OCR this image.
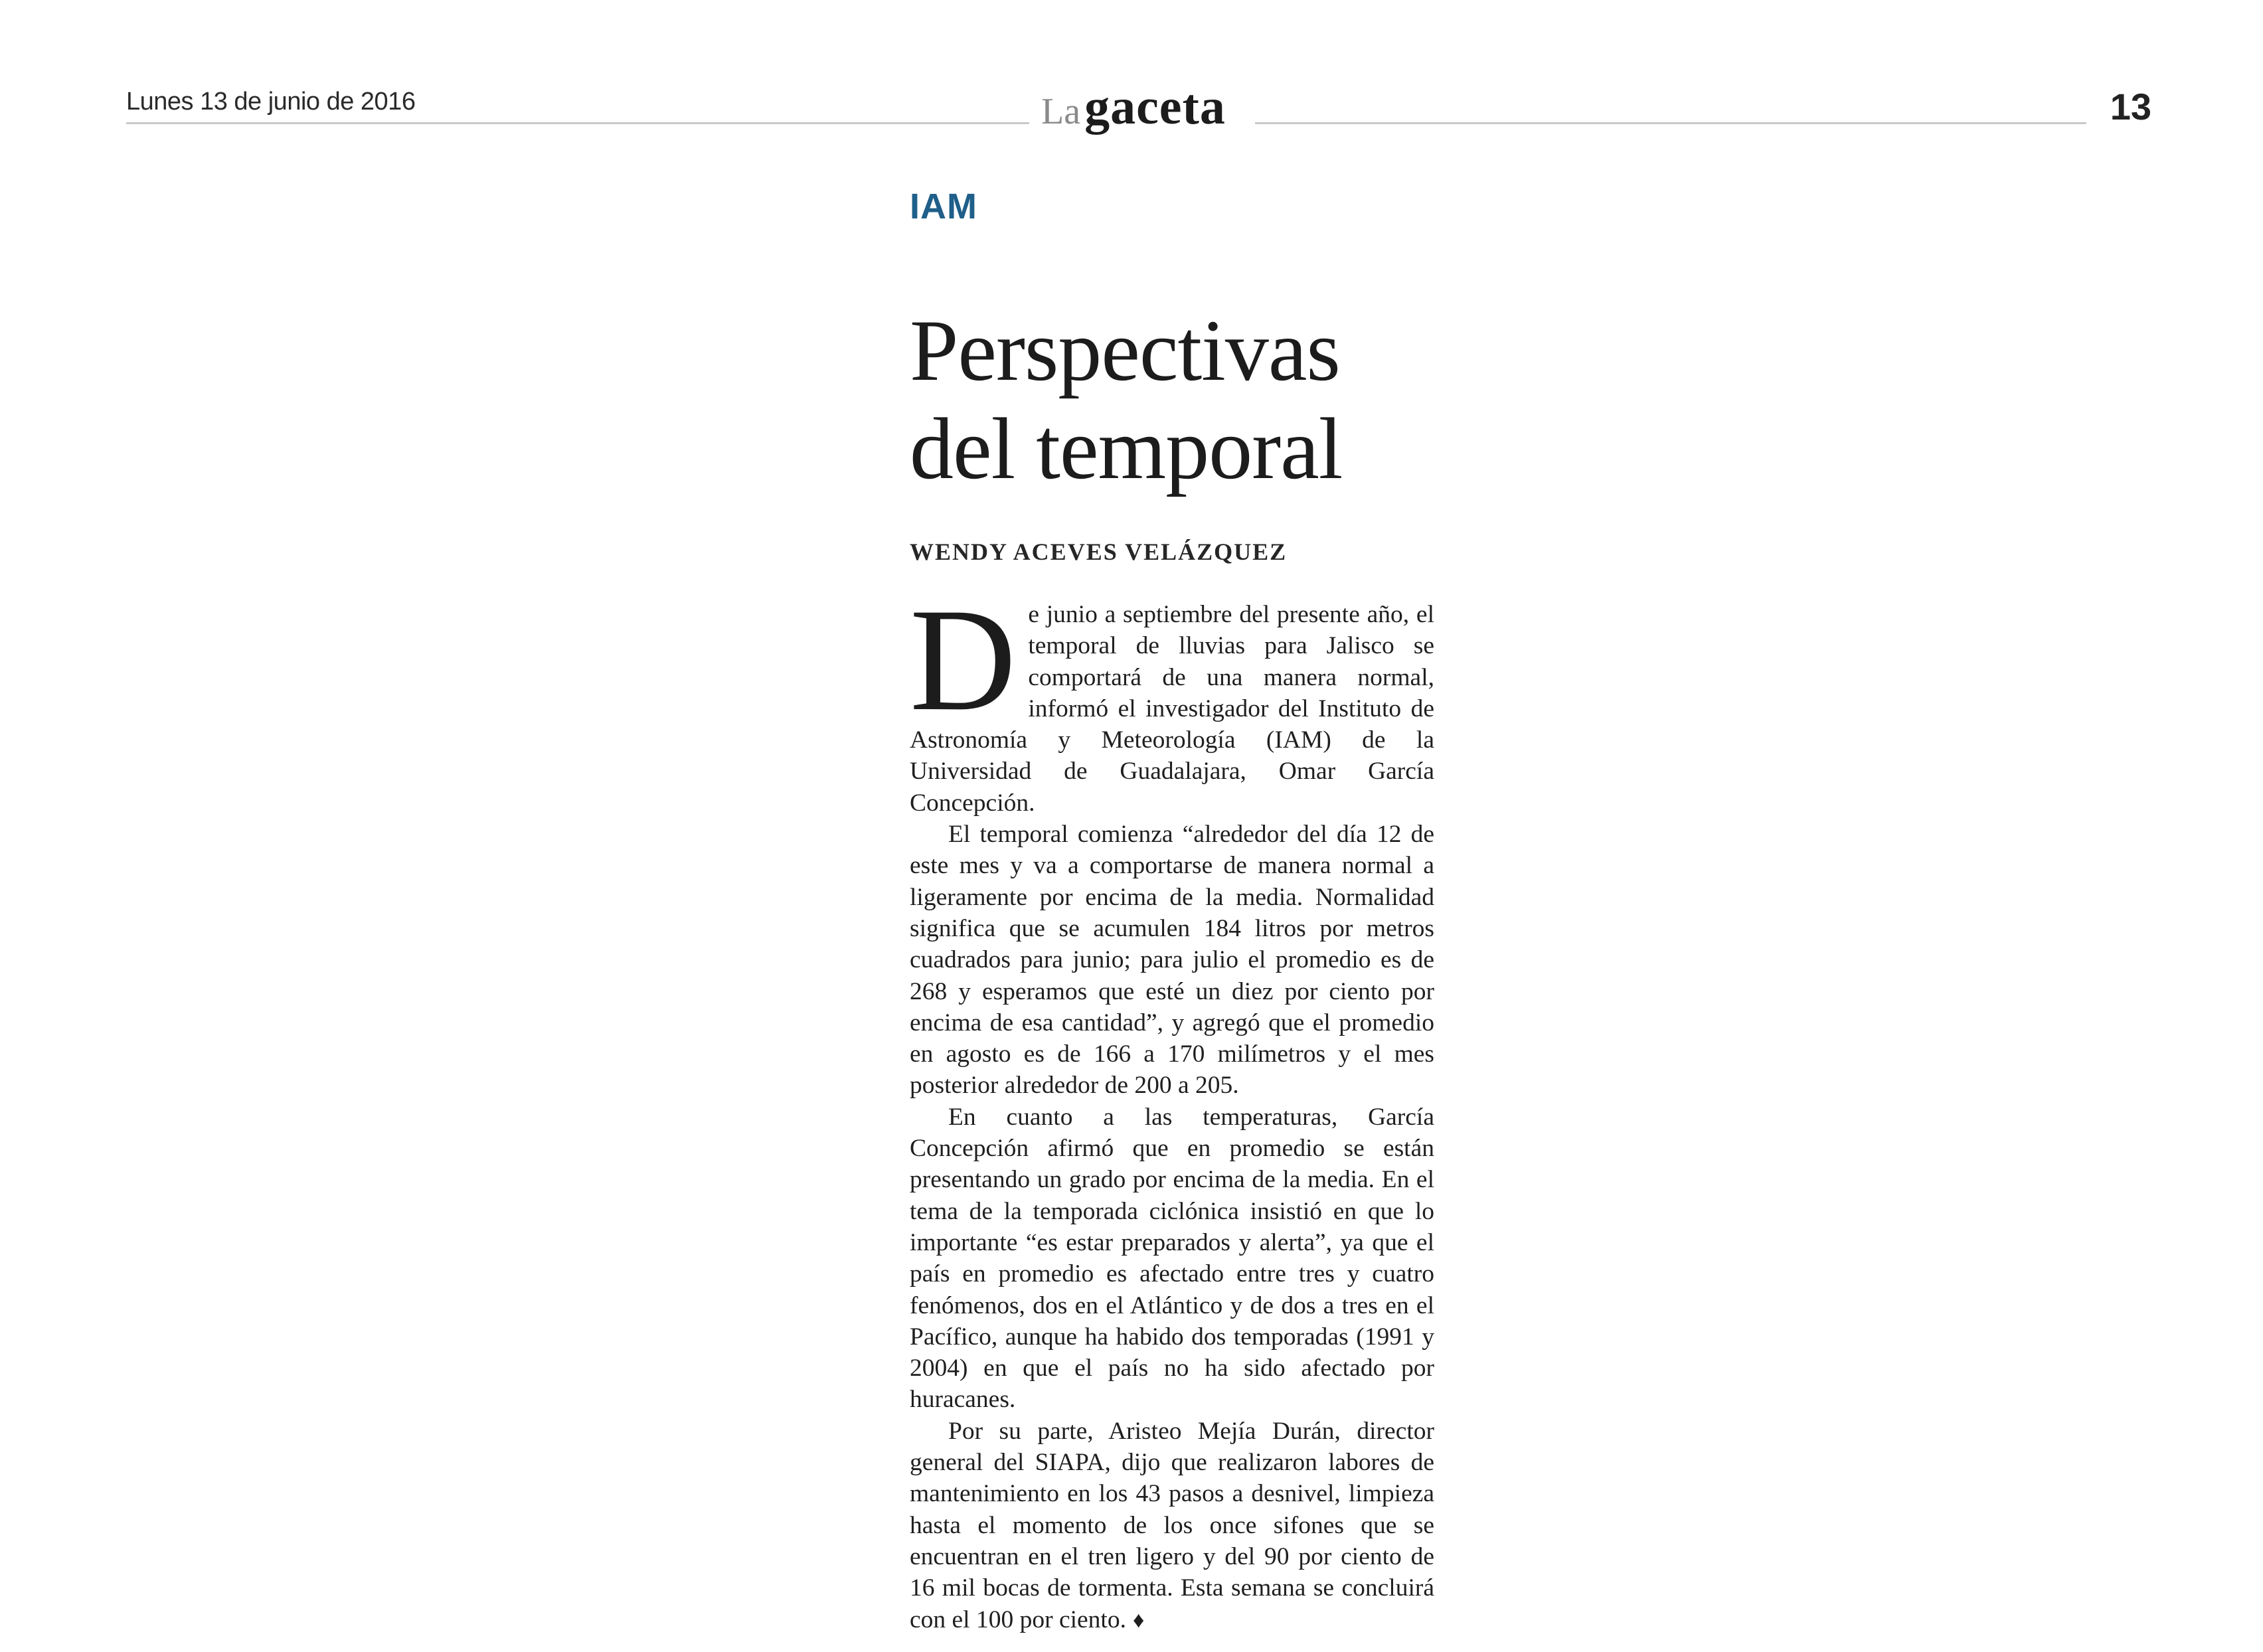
Lunes 13 de junio de 2016	Lagaceta	13
IAM
Perspectivas
del temporal
WENDY ACEVES VELÁZQUEZ

De junio a septiembre del presente año, el temporal de lluvias para Jalisco se comportará de una manera normal, informó el investigador del Instituto de Astronomía y Meteorología (IAM) de la Universidad de Guadalajara, Omar García Concepción.

El temporal comienza “alrededor del día 12 de este mes y va a comportarse de manera normal a ligeramente por encima de la media. Normalidad significa que se acumulen 184 litros por metros cuadrados para junio; para julio el promedio es de 268 y esperamos que esté un diez por ciento por encima de esa cantidad”, y agregó que el promedio en agosto es de 166 a 170 milímetros y el mes posterior alrededor de 200 a 205.

En cuanto a las temperaturas, García Concepción afirmó que en promedio se están presentando un grado por encima de la media. En el tema de la temporada ciclónica insistió en que lo importante “es estar preparados y alerta”, ya que el país en promedio es afectado entre tres y cuatro fenómenos, dos en el Atlántico y de dos a tres en el Pacífico, aunque ha habido dos temporadas (1991 y 2004) en que el país no ha sido afectado por huracanes.

Por su parte, Aristeo Mejía Durán, director general del SIAPA, dijo que realizaron labores de mantenimiento en los 43 pasos a desnivel, limpieza hasta el momento de los once sifones que se encuentran en el tren ligero y del 90 por ciento de 16 mil bocas de tormenta. Esta semana se concluirá con el 100 por ciento. ♦
